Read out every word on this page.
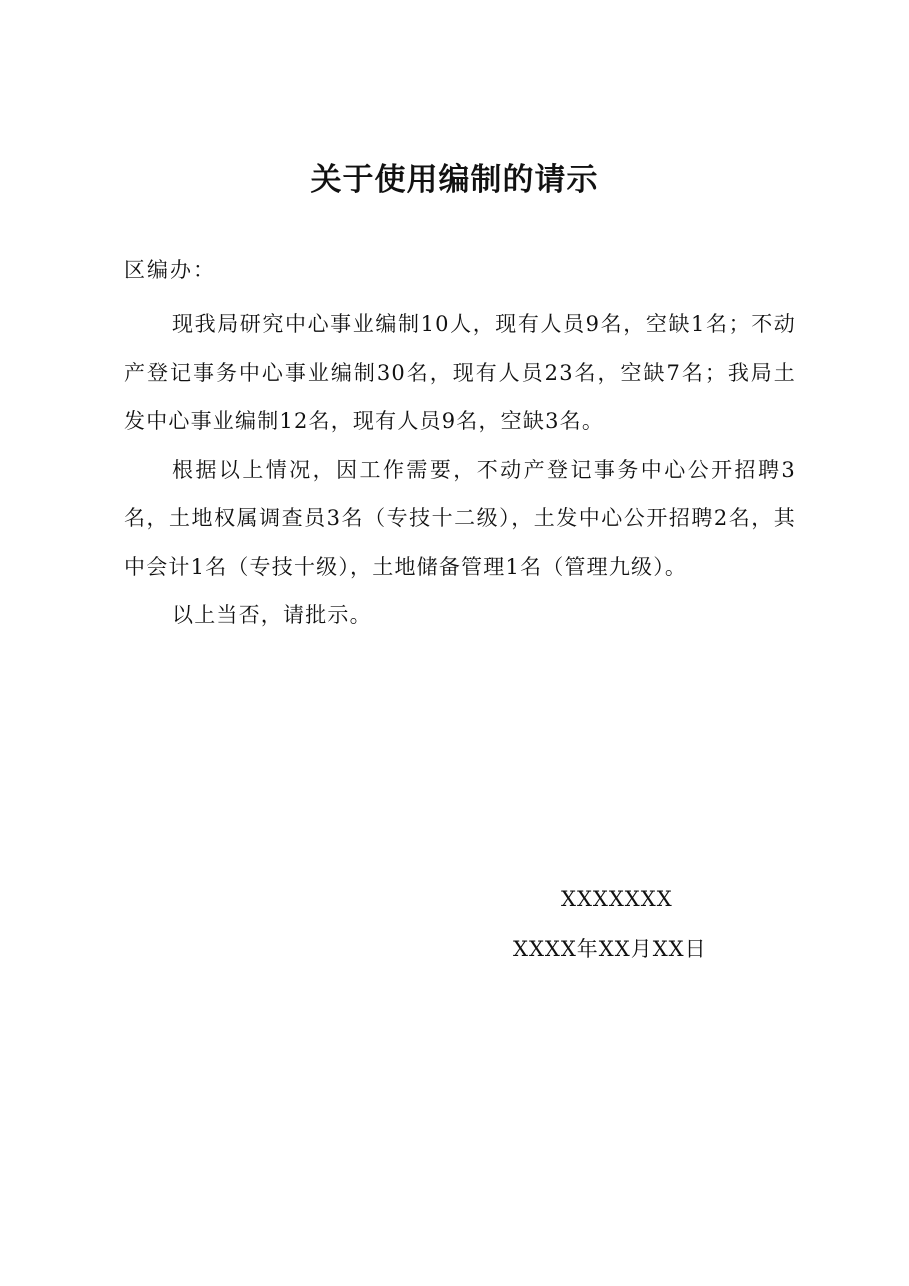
关于使用编制的请示
区编办：

现我局研究中心事业编制10人，现有人员9名，空缺1名；不动产登记事务中心事业编制30名，现有人员23名，空缺7名；我局土发中心事业编制12名，现有人员9名，空缺3名。

根据以上情况，因工作需要，不动产登记事务中心公开招聘3名，土地权属调查员3名（专技十二级），土发中心公开招聘2名，其中会计1名（专技十级），土地储备管理1名（管理九级）。

以上当否，请批示。

XXXXXXX
XXXX年XX月XX日
